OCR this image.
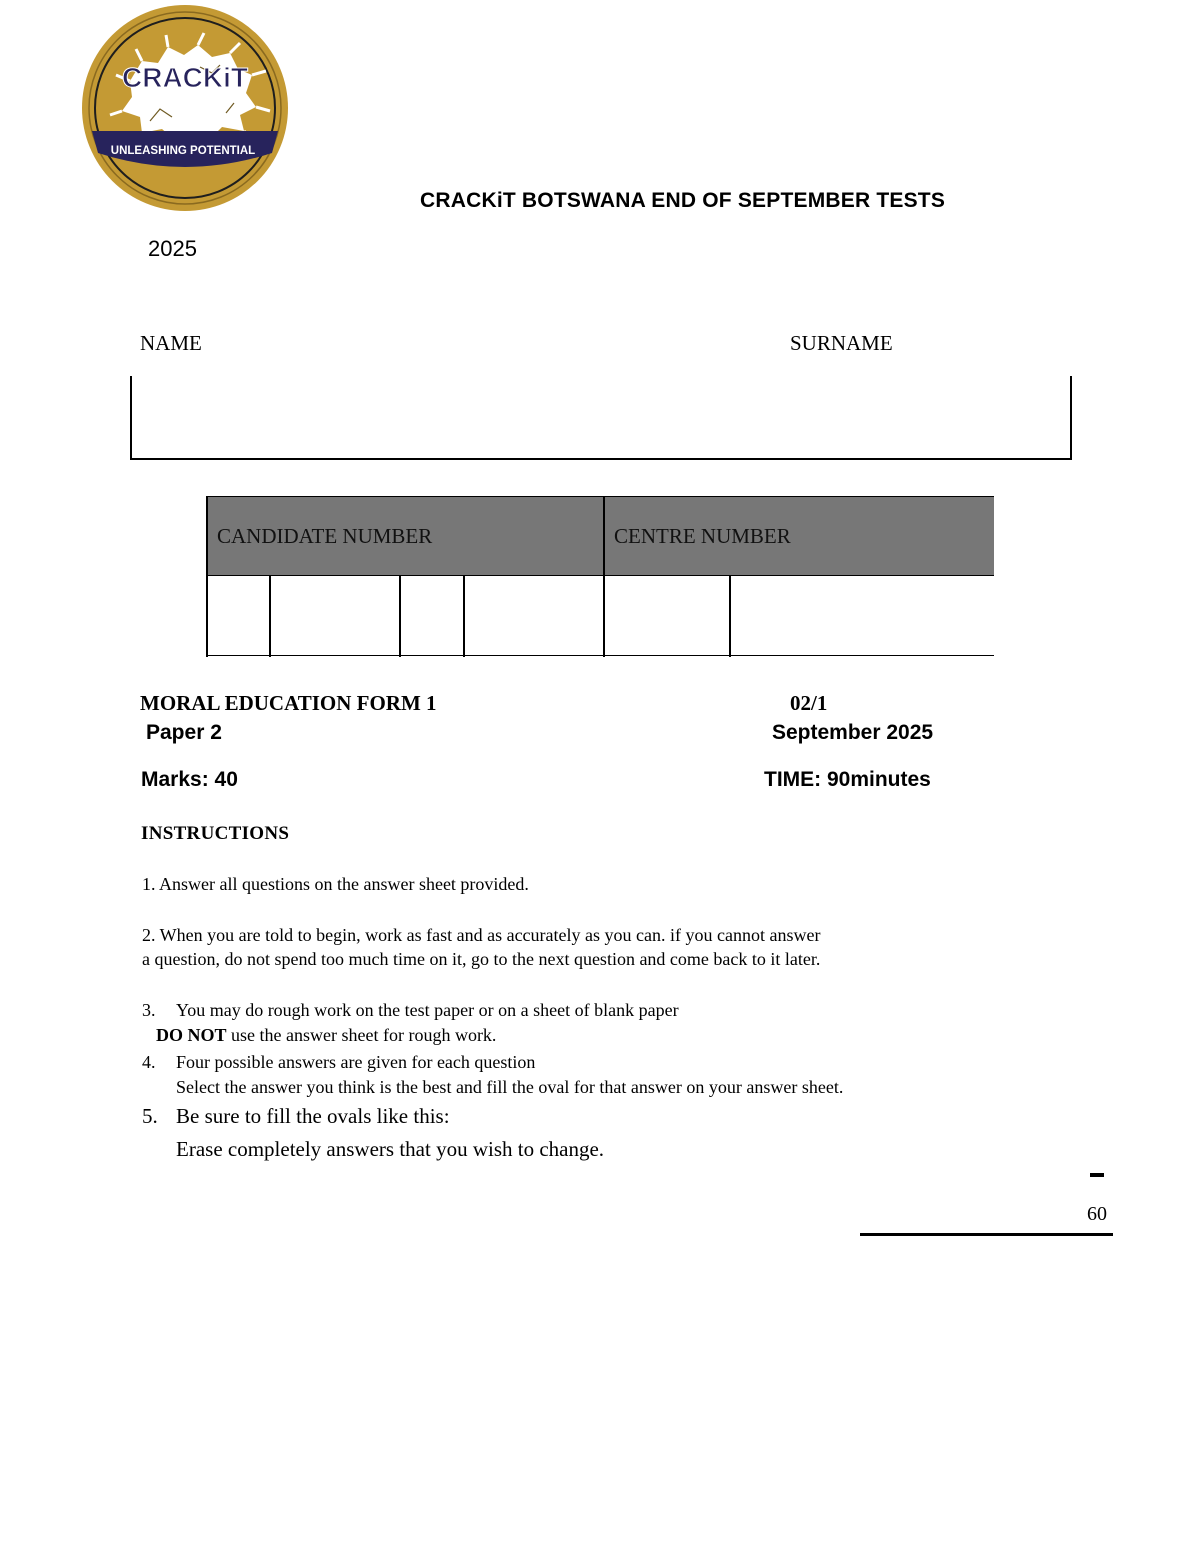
CRACKiT
UNLEASHING POTENTIAL
CRACKiT BOTSWANA END OF SEPTEMBER TESTS
2025
NAME	SURNAME
CANDIDATE NUMBER	CENTRE NUMBER
MORAL EDUCATION FORM 1	02/1
Paper 2	September 2025
Marks: 40	TIME: 90minutes
INSTRUCTIONS
1. Answer all questions on the answer sheet provided.
2. When you are told to begin, work as fast and as accurately as you can. if you cannot answer
a question, do not spend too much time on it, go to the next question and come back to it later.
3. You may do rough work on the test paper or on a sheet of blank paper
DO NOT use the answer sheet for rough work.
4. Four possible answers are given for each question
Select the answer you think is the best and fill the oval for that answer on your answer sheet.
5. Be sure to fill the ovals like this:
Erase completely answers that you wish to change.
60
